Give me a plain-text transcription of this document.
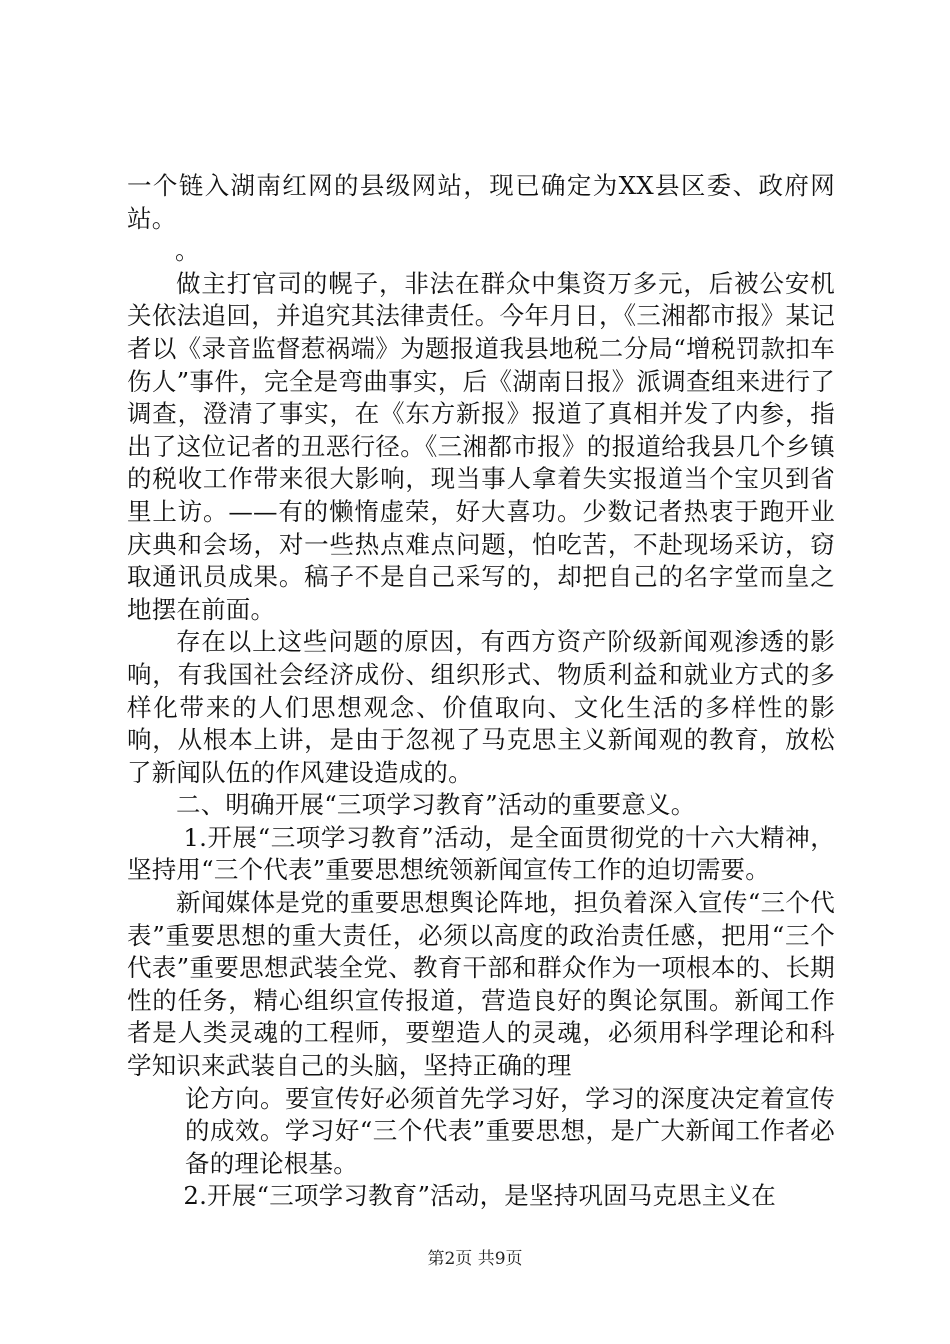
一个链入湖南红网的县级网站，现已确定为XX县区委、政府网站。

。

做主打官司的幌子，非法在群众中集资万多元，后被公安机关依法追回，并追究其法律责任。今年月日，《三湘都市报》某记者以《录音监督惹祸端》为题报道我县地税二分局“增税罚款扣车伤人”事件，完全是弯曲事实，后《湖南日报》派调查组来进行了调查，澄清了事实，在《东方新报》报道了真相并发了内参，指出了这位记者的丑恶行径。《三湘都市报》的报道给我县几个乡镇的税收工作带来很大影响，现当事人拿着失实报道当个宝贝到省里上访。——有的懒惰虚荣，好大喜功。少数记者热衷于跑开业庆典和会场，对一些热点难点问题，怕吃苦，不赴现场采访，窃取通讯员成果。稿子不是自己采写的，却把自己的名字堂而皇之地摆在前面。

存在以上这些问题的原因，有西方资产阶级新闻观渗透的影响，有我国社会经济成份、组织形式、物质利益和就业方式的多样化带来的人们思想观念、价值取向、文化生活的多样性的影响，从根本上讲，是由于忽视了马克思主义新闻观的教育，放松了新闻队伍的作风建设造成的。

二、明确开展“三项学习教育”活动的重要意义。

1.开展“三项学习教育”活动，是全面贯彻党的十六大精神，坚持用“三个代表”重要思想统领新闻宣传工作的迫切需要。

新闻媒体是党的重要思想舆论阵地，担负着深入宣传“三个代表”重要思想的重大责任，必须以高度的政治责任感，把用“三个代表”重要思想武装全党、教育干部和群众作为一项根本的、长期性的任务，精心组织宣传报道，营造良好的舆论氛围。新闻工作者是人类灵魂的工程师，要塑造人的灵魂，必须用科学理论和科学知识来武装自己的头脑，坚持正确的理

论方向。要宣传好必须首先学习好，学习的深度决定着宣传的成效。学习好“三个代表”重要思想，是广大新闻工作者必备的理论根基。

2.开展“三项学习教育”活动，是坚持巩固马克思主义在

第2页 共9页
